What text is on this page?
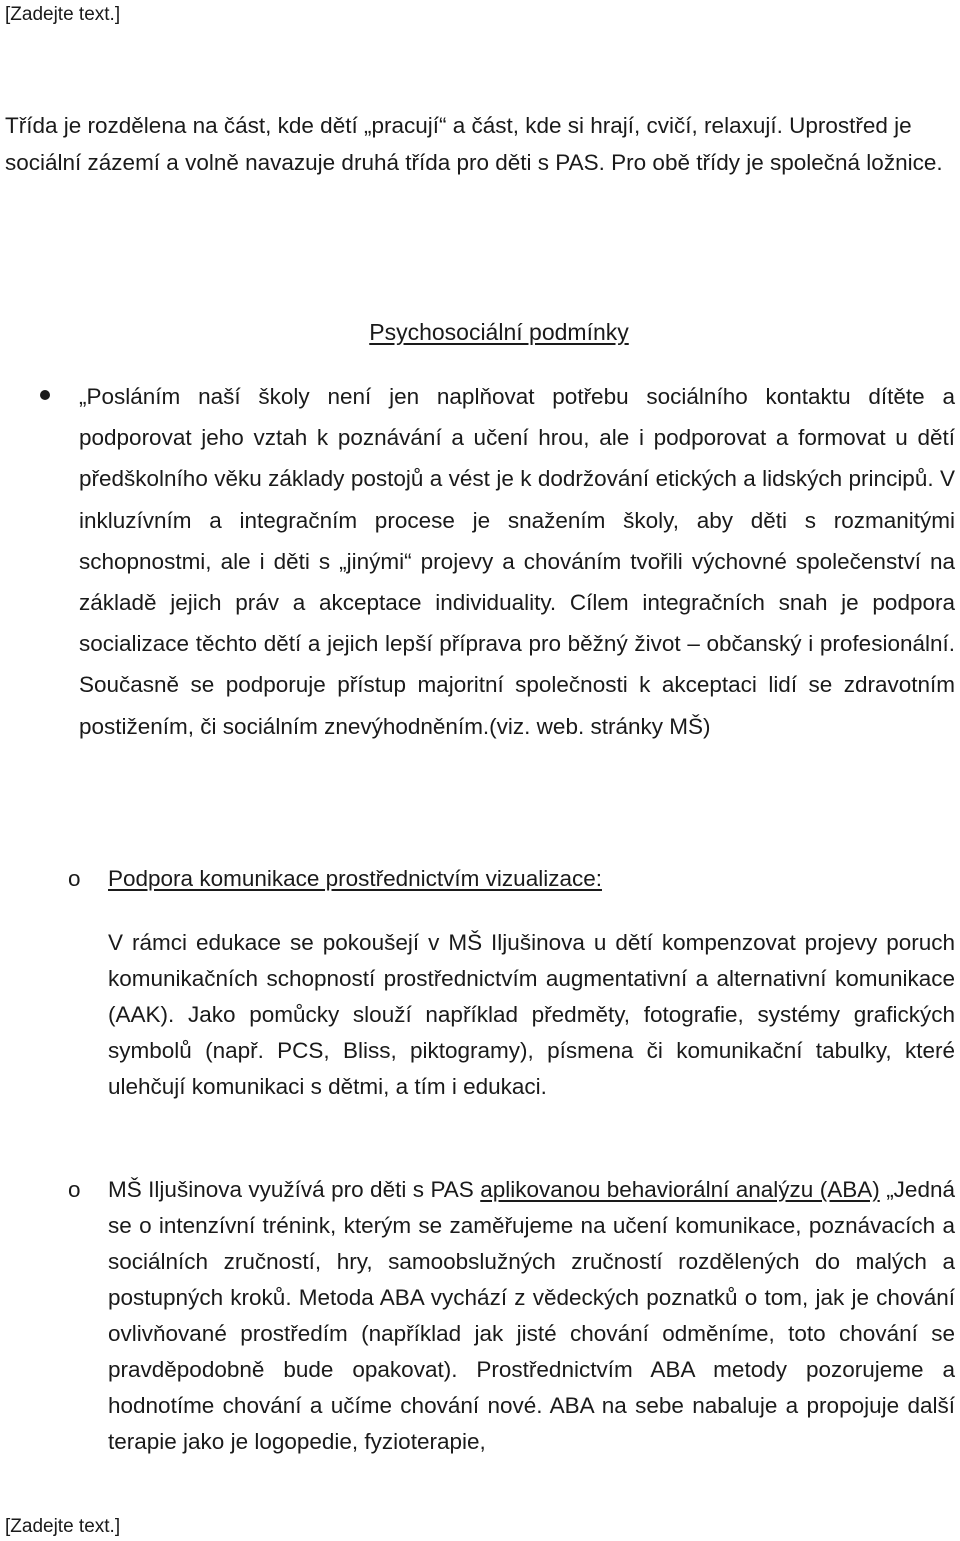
[Zadejte text.]

Třída je rozdělena na část, kde dětí „pracují“ a část, kde si hrají, cvičí, relaxují. Uprostřed je sociální zázemí a volně navazuje druhá třída pro děti s PAS. Pro obě třídy je společná ložnice.

Psychosociální podmínky

„Posláním naší školy není jen naplňovat potřebu sociálního kontaktu dítěte a podporovat jeho vztah k poznávání a učení hrou, ale i podporovat a formovat u dětí předškolního věku základy postojů a vést je k dodržování etických a lidských principů. V inkluzívním a integračním procese je snažením školy, aby děti s rozmanitými schopnostmi, ale i děti s „jinými“ projevy a chováním tvořili výchovné společenství na základě jejich práv a akceptace individuality. Cílem integračních snah je podpora socializace těchto dětí a jejich lepší příprava pro běžný život – občanský i profesionální. Současně se podporuje přístup majoritní společnosti k akceptaci lidí se zdravotním postižením, či sociálním znevýhodněním.(viz. web. stránky MŠ)

o Podpora komunikace prostřednictvím vizualizace:

V rámci edukace se pokoušejí v MŠ Iljušinova u dětí kompenzovat projevy poruch komunikačních schopností prostřednictvím augmentativní a alternativní komunikace (AAK). Jako pomůcky slouží například předměty, fotografie, systémy grafických symbolů (např. PCS, Bliss, piktogramy), písmena či komunikační tabulky, které ulehčují komunikaci s dětmi, a tím i edukaci.

o MŠ Iljušinova využívá pro děti s PAS aplikovanou behaviorální analýzu (ABA) „Jedná se o intenzívní trénink, kterým se zaměřujeme na učení komunikace, poznávacích a sociálních zručností, hry, samoobslužných zručností rozdělených do malých a postupných kroků. Metoda ABA vychází z vědeckých poznatků o tom, jak je chování ovlivňované prostředím (například jak jisté chování odměníme, toto chování se pravděpodobně bude opakovat). Prostřednictvím ABA metody pozorujeme a hodnotíme chování a učíme chování nové. ABA na sebe nabaluje a propojuje další terapie jako je logopedie, fyzioterapie,

[Zadejte text.]
